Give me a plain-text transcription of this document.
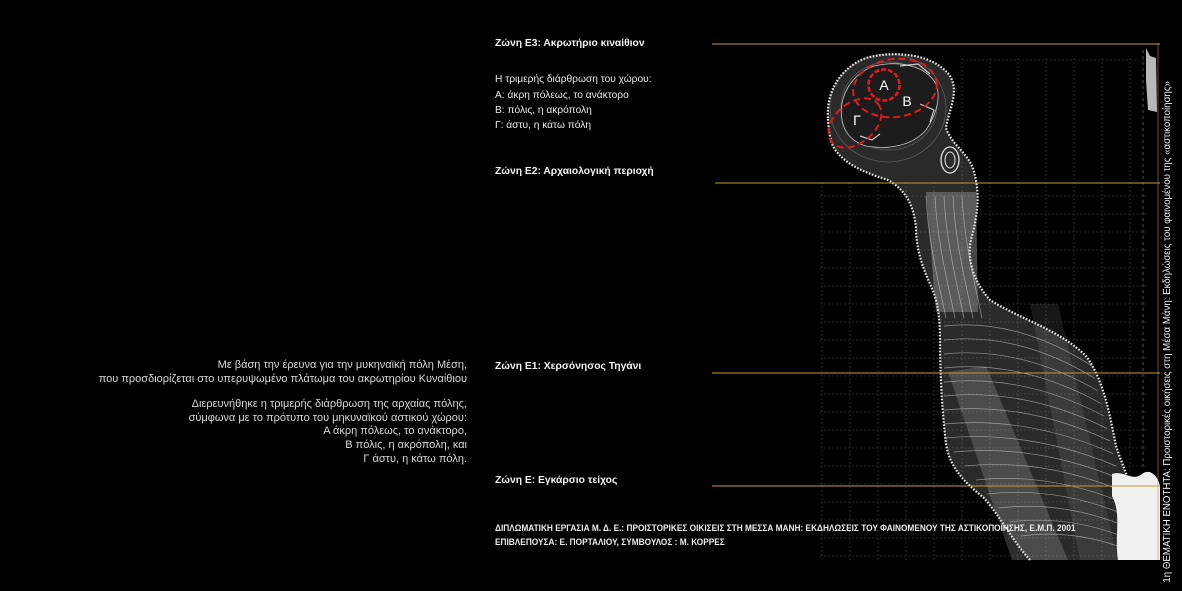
Α
Β
Γ
Με βάση την έρευνα για την μυκηναϊκή πόλη Μέση,
που προσδιορίζεται στο υπερυψωμένο πλάτωμα του ακρωτηρίου Κυναίθιου
Διερευνήθηκε η τριμερής διάρθρωση της αρχαίας πόλης,
σύμφωνα με το πρότυπο του μηκυναϊκού αστικού χώρου:
Α άκρη πόλεως, το ανάκτορο,
Β πόλις, η ακρόπολη, και
Γ άστυ, η κάτω πόλη.
Ζώνη Ε3: Ακρωτήριο κιναίθιον
Η τριμερής διάρθρωση του χώρου:
Α: άκρη πόλεως, το ανάκτορο
Β: πόλις, η ακρόπολη
Γ: άστυ, η κάτω πόλη
Ζώνη Ε2: Αρχαιολογική περιοχή
Ζώνη Ε1: Χερσόνησος Τηγάνι
Ζώνη Ε: Εγκάρσιο τείχος
ΔΙΠΛΩΜΑΤΙΚΗ ΕΡΓΑΣΙΑ Μ. Δ. Ε.: ΠΡΟΙΣΤΟΡΙΚΕΣ ΟΙΚΙΣΕΙΣ ΣΤΗ ΜΕΣΣΑ ΜΑΝΗ: ΕΚΔΗΛΩΣΕΙΣ ΤΟΥ ΦΑΙΝΟΜΕΝΟΥ ΤΗΣ ΑΣΤΙΚΟΠΟΙΗΣΗΣ, Ε.Μ.Π. 2001
ΕΠΙΒΛΕΠΟΥΣΑ: Ε. ΠΟΡΤΑΛΙΟΥ, ΣΥΜΒΟΥΛΟΣ : Μ. ΚΟΡΡΕΣ	1η ΘΕΜΑΤΙΚΗ ΕΝΟΤΗΤΑ: Προιστορικές οικήσεις στη Μέσα Μάνη: Εκδηλώσεις του φαινομένου της «αστικοποίησης»
